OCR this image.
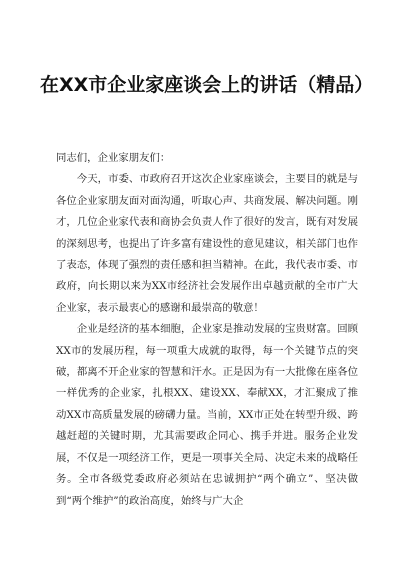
在XX市企业家座谈会上的讲话（精品）

同志们，企业家朋友们：

今天，市委、市政府召开这次企业家座谈会，主要目的就是与各位企业家朋友面对面沟通，听取心声、共商发展、解决问题。刚才，几位企业家代表和商协会负责人作了很好的发言，既有对发展的深刻思考，也提出了许多富有建设性的意见建议，相关部门也作了表态，体现了强烈的责任感和担当精神。在此，我代表市委、市政府，向长期以来为XX市经济社会发展作出卓越贡献的全市广大企业家，表示最衷心的感谢和最崇高的敬意！

企业是经济的基本细胞，企业家是推动发展的宝贵财富。回顾XX市的发展历程，每一项重大成就的取得，每一个关键节点的突破，都离不开企业家的智慧和汗水。正是因为有一大批像在座各位一样优秀的企业家，扎根XX、建设XX、奉献XX，才汇聚成了推动XX市高质量发展的磅礴力量。当前，XX市正处在转型升级、跨越赶超的关键时期，尤其需要政企同心、携手并进。服务企业发展，不仅是一项经济工作，更是一项事关全局、决定未来的战略任务。全市各级党委政府必须站在忠诚拥护“两个确立”、坚决做到“两个维护”的政治高度，始终与广大企
